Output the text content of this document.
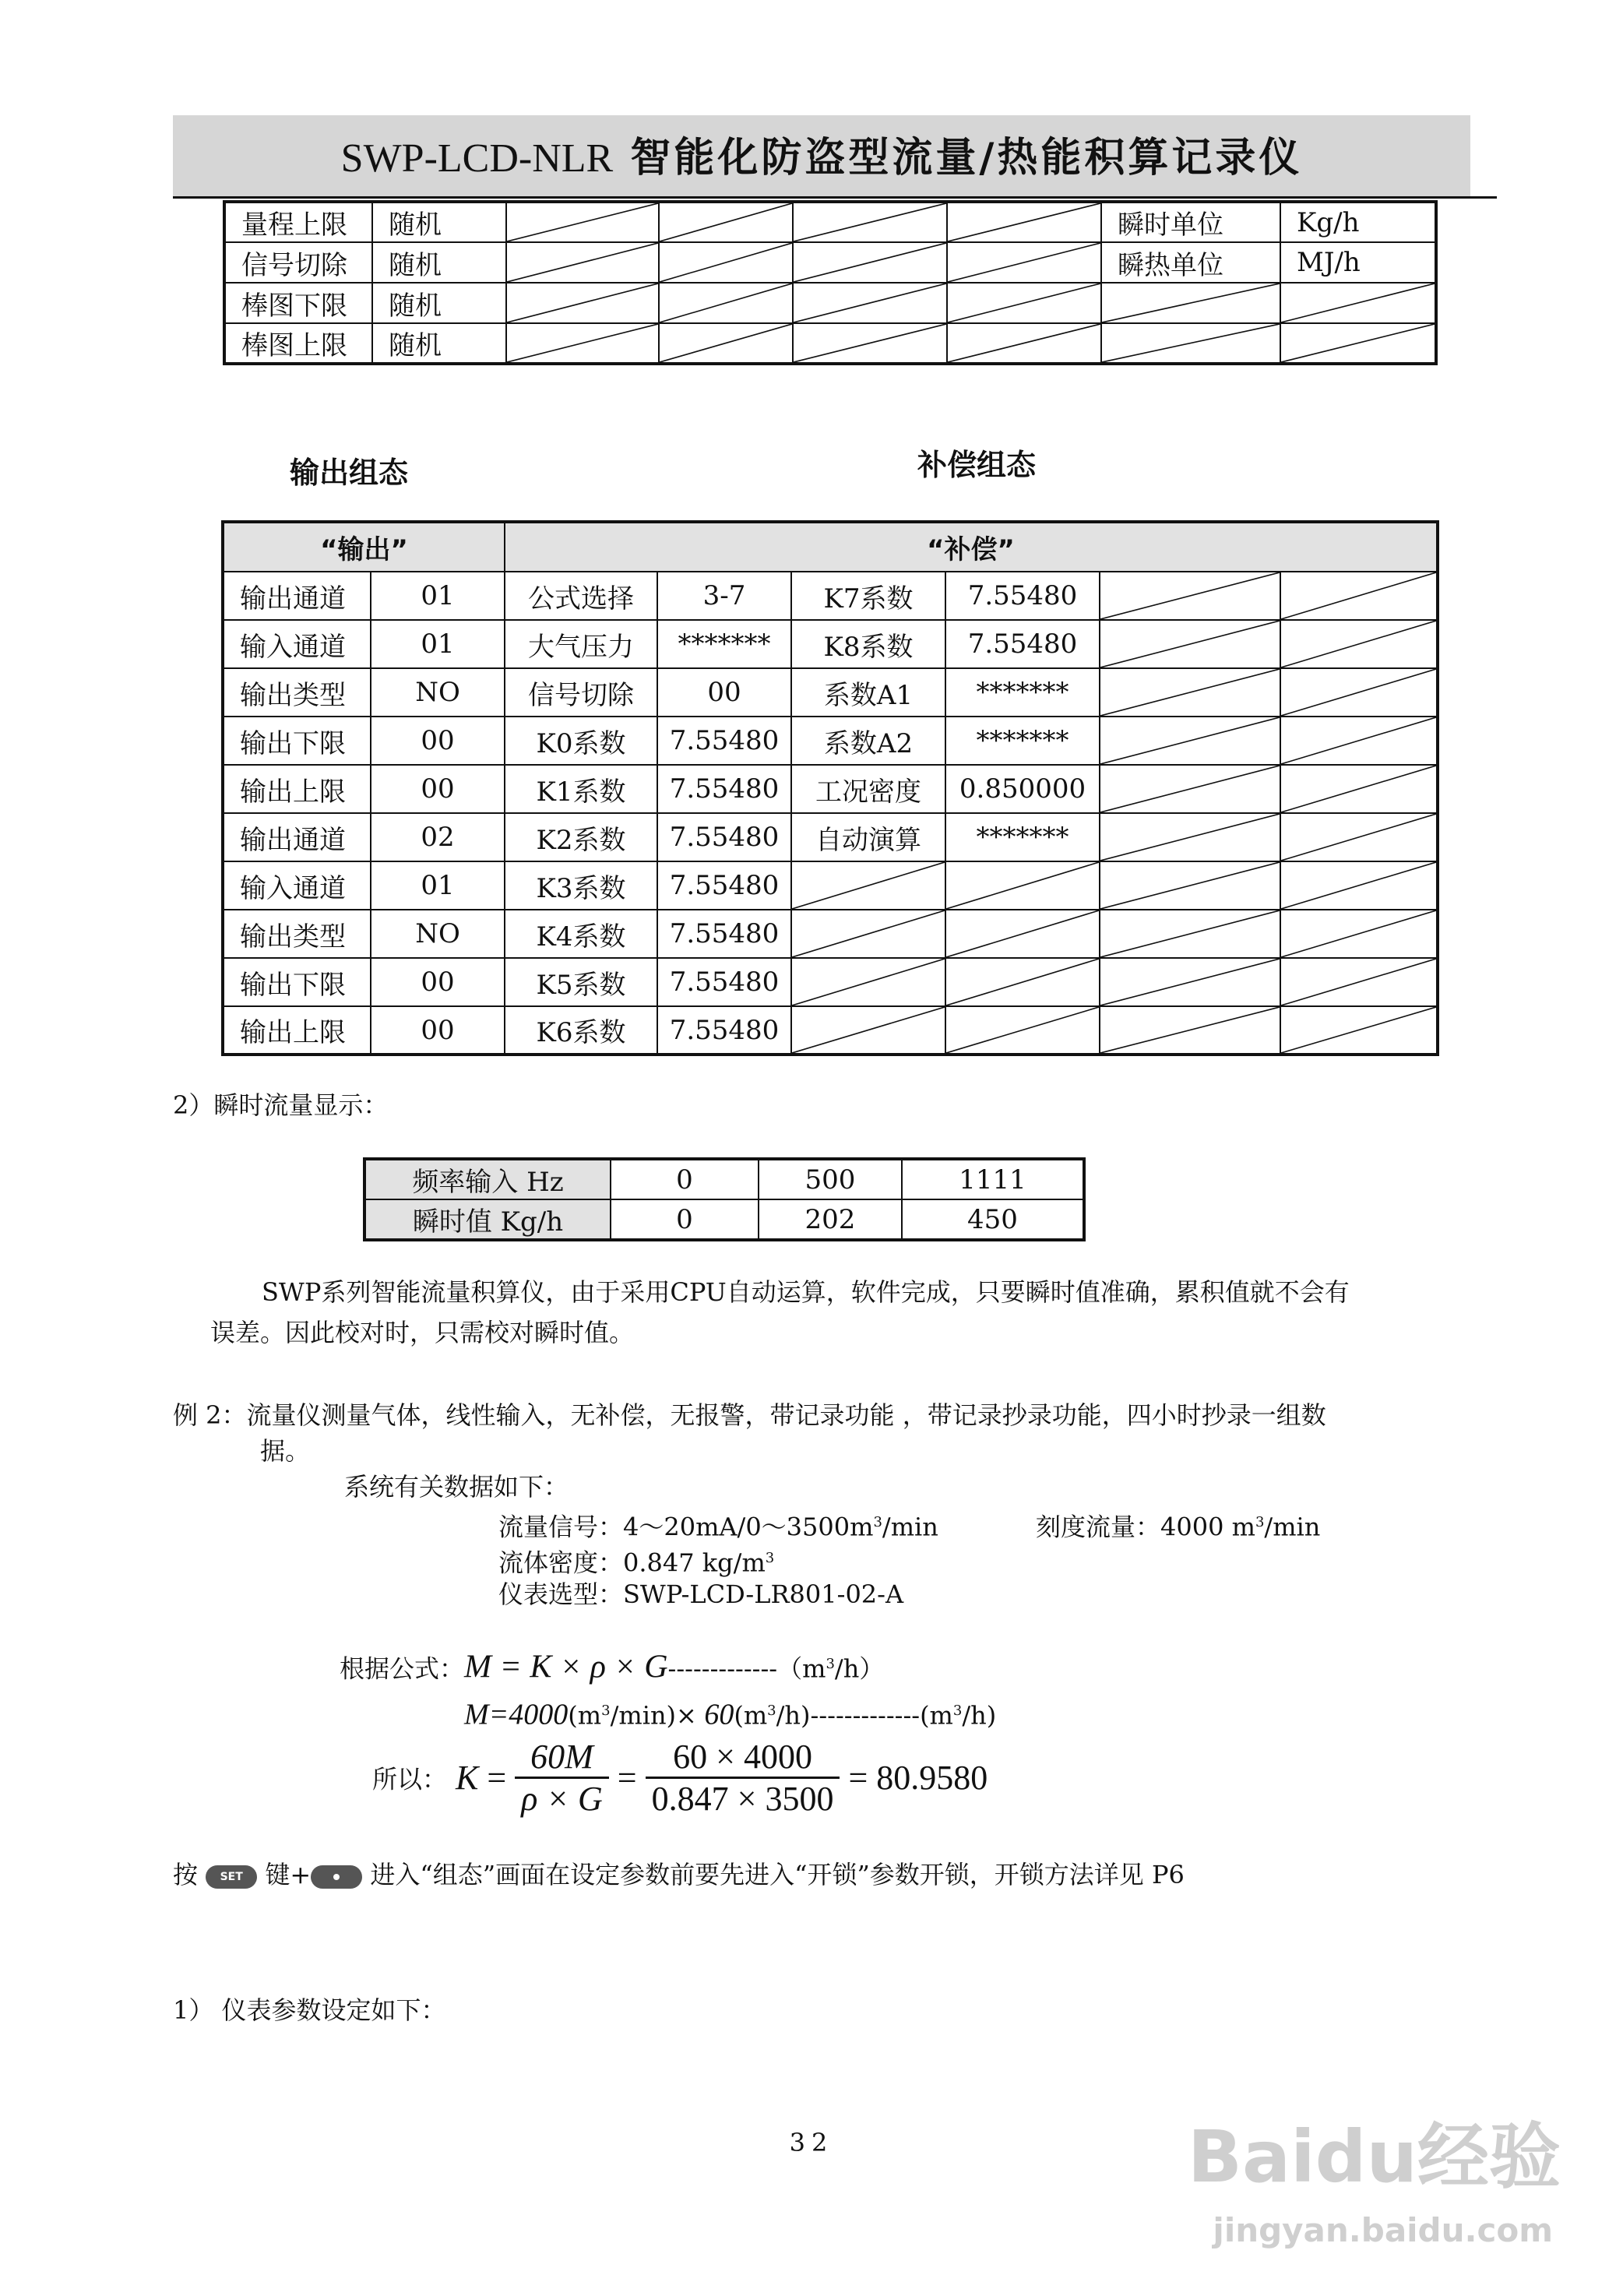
SWP-LCD-NLR 智能化防盗型流量/热能积算记录仪
量程上限	随机					瞬时单位	Kg/h
信号切除	随机					瞬热单位	MJ/h
棒图下限	随机	

棒图上限	随机	

输出组态	补偿组态
“输出”		“补偿”					
输出通道	01	公式选择	3-7	K7系数	7.55480	

输入通道	01	大气压力	*******	K8系数	7.55480	

输出类型	NO	信号切除	00	系数A1	*******	

输出下限	00	K0系数	7.55480	系数A2	*******	

输出上限	00	K1系数	7.55480	工况密度	0.850000	

输出通道	02	K2系数	7.55480	自动演算	*******	

输入通道	01	K3系数	7.55480	

输出类型	NO	K4系数	7.55480	

输出下限	00	K5系数	7.55480	

输出上限	00	K6系数	7.55480	

2）瞬时流量显示：
频率输入 Hz	0	500	1111
瞬时值 Kg/h	0	202	450
SWP系列智能流量积算仪，由于采用CPU自动运算，软件完成，只要瞬时值准确，累积值就不会有
误差。因此校对时，只需校对瞬时值。
例 2：流量仪测量气体，线性输入，无补偿，无报警，带记录功能 ，带记录抄录功能，四小时抄录一组数
据。
系统有关数据如下：
流量信号：$4\sim 20mA/0\sim 3500m^3/\min$	刻度流量：4000 $m^3/\min$
流体密度：0.847 $kg/m^3$
仪表选型：SWP-LCD-LR801-02-A
根据公式：$M = K \times \rho \times G-------------(m^3/h)$
$M=4000(m^3/\min)\times 60(m^3/h)-------------(m^3/h)$
所以： $K = \frac{60M}{\rho \times G} = \frac{60 \times 4000}{0.847 \times 3500} = 80.9580$
按 SET 键+ 进入“组态”画面在设定参数前要先进入“开锁”参数开锁，开锁方法详见 P6
1） 仪表参数设定如下：
32	Baidu经验
jingyan.baidu.com
